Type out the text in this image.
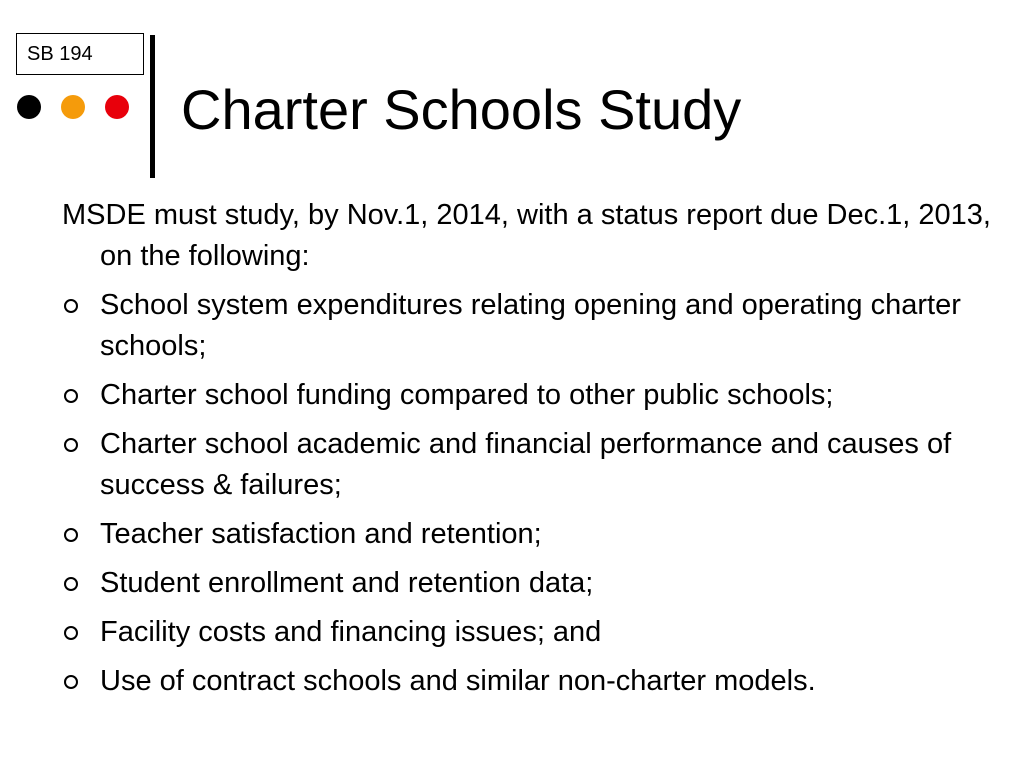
SB 194
Charter Schools Study

MSDE must study, by Nov.1, 2014, with a status report due Dec.1, 2013, on the following:

School system expenditures relating opening and operating charter schools;
Charter school funding compared to other public schools;
Charter school academic and financial performance and causes of success & failures;
Teacher satisfaction and retention;
Student enrollment and retention data;
Facility costs and financing issues; and
Use of contract schools and similar non-charter models.
